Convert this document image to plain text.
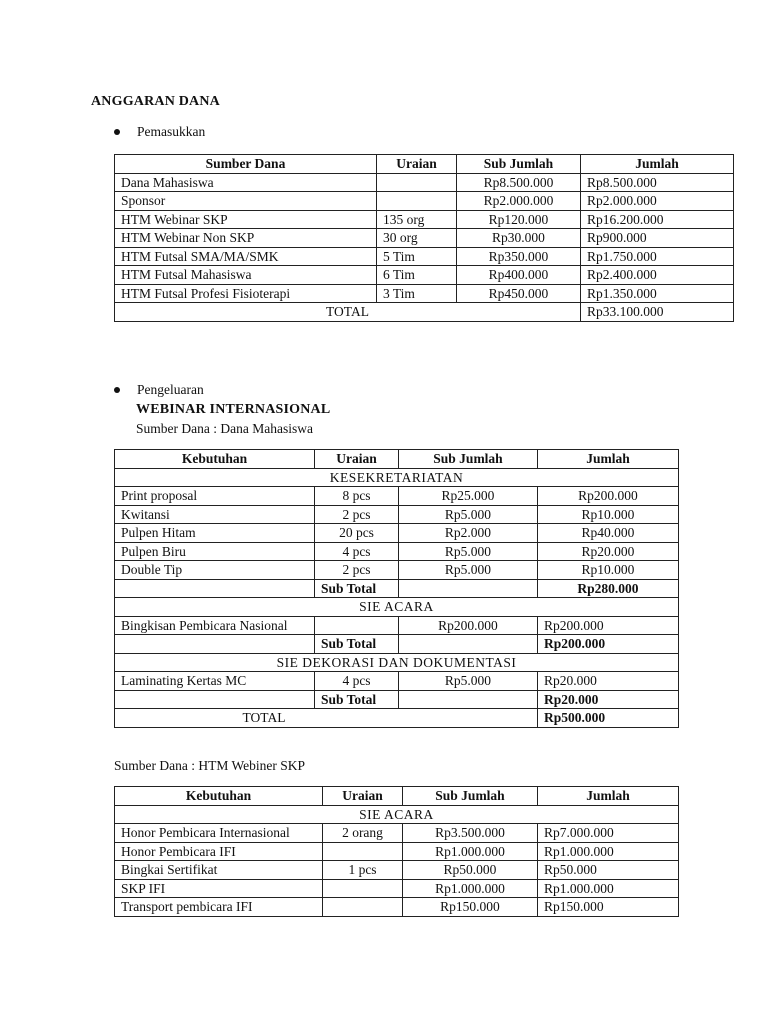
ANGGARAN DANA
Pemasukkan
Sumber Dana	Uraian	Sub Jumlah	Jumlah
Dana Mahasiswa		Rp8.500.000	Rp8.500.000
Sponsor		Rp2.000.000	Rp2.000.000
HTM Webinar SKP	135 org	Rp120.000	Rp16.200.000
HTM Webinar Non SKP	30 org	Rp30.000	Rp900.000
HTM Futsal SMA/MA/SMK	5 Tim	Rp350.000	Rp1.750.000
HTM Futsal Mahasiswa	6 Tim	Rp400.000	Rp2.400.000
HTM Futsal Profesi Fisioterapi	3 Tim	Rp450.000	Rp1.350.000
TOTAL			Rp33.100.000
Pengeluaran
WEBINAR INTERNASIONAL
Sumber Dana : Dana Mahasiswa
Kebutuhan	Uraian	Sub Jumlah	Jumlah
KESEKRETARIATAN			
Print proposal	8 pcs	Rp25.000	Rp200.000
Kwitansi	2 pcs	Rp5.000	Rp10.000
Pulpen Hitam	20 pcs	Rp2.000	Rp40.000
Pulpen Biru	4 pcs	Rp5.000	Rp20.000
Double Tip	2 pcs	Rp5.000	Rp10.000
	Sub Total		Rp280.000
SIE ACARA			
Bingkisan Pembicara Nasional		Rp200.000	Rp200.000
	Sub Total		Rp200.000
SIE DEKORASI DAN DOKUMENTASI			
Laminating Kertas MC	4 pcs	Rp5.000	Rp20.000
	Sub Total		Rp20.000
TOTAL			Rp500.000
Sumber Dana : HTM Webiner SKP
Kebutuhan	Uraian	Sub Jumlah	Jumlah
SIE ACARA			
Honor Pembicara Internasional	2 orang	Rp3.500.000	Rp7.000.000
Honor Pembicara IFI		Rp1.000.000	Rp1.000.000
Bingkai Sertifikat	1 pcs	Rp50.000	Rp50.000
SKP IFI		Rp1.000.000	Rp1.000.000
Transport pembicara IFI		Rp150.000	Rp150.000
